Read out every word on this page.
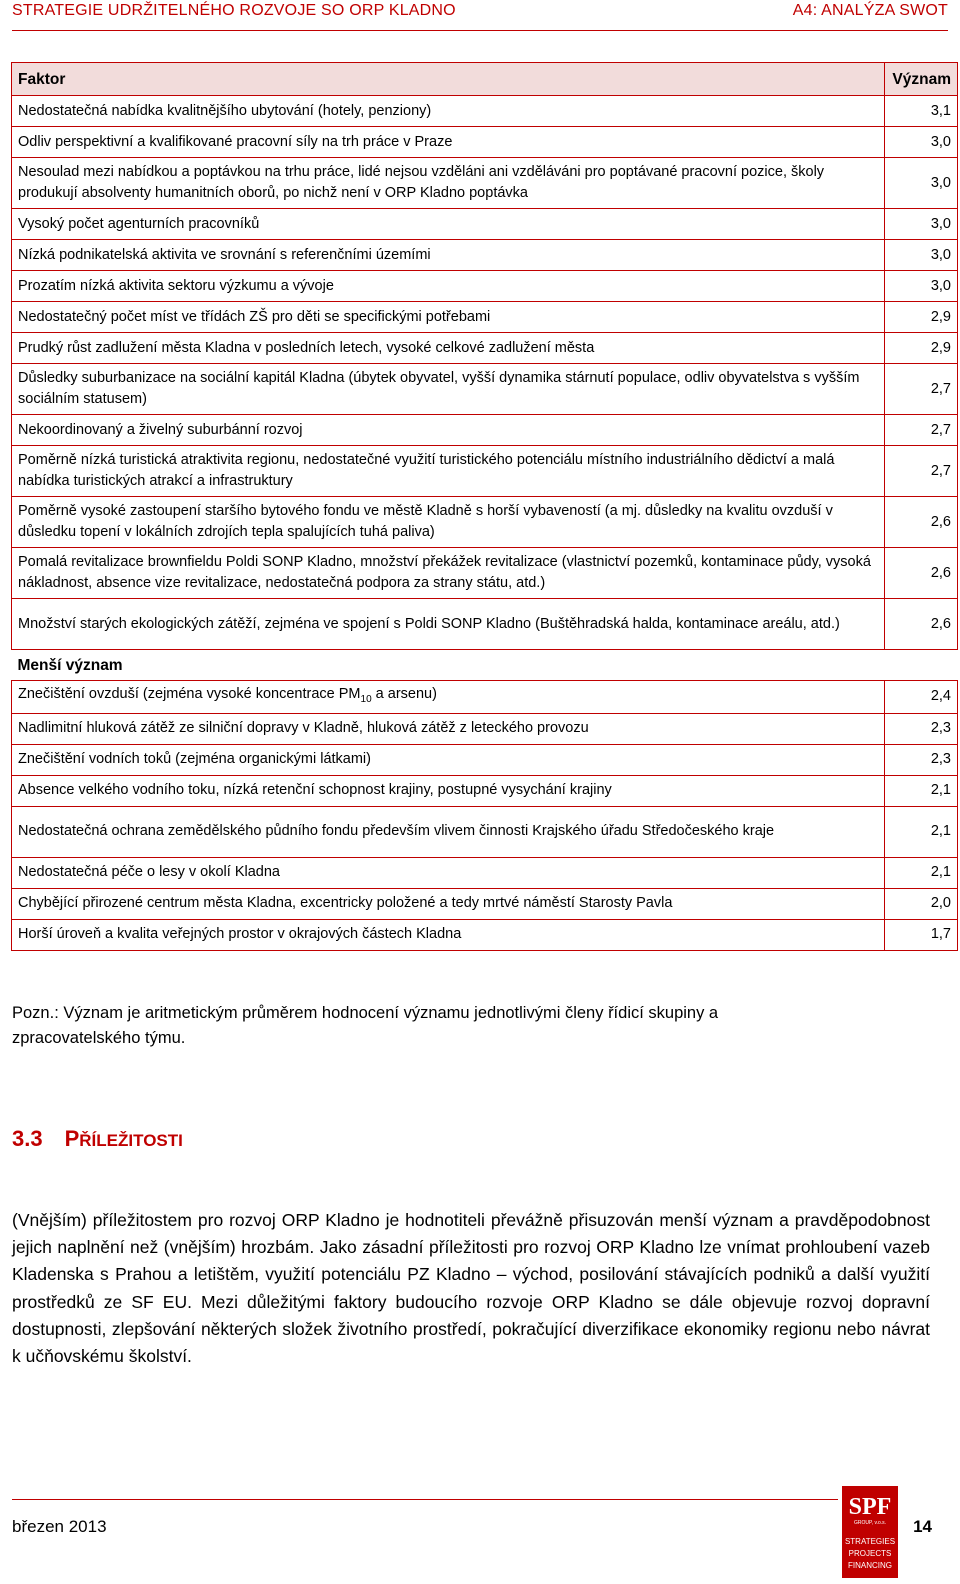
STRATEGIE UDRŽITELNÉHO ROZVOJE SO ORP KLADNO	A4: ANALÝZA SWOT
Faktor	Význam
Nedostatečná nabídka kvalitnějšího ubytování (hotely, penziony)	3,1
Odliv perspektivní a kvalifikované pracovní síly na trh práce v Praze	3,0
Nesoulad mezi nabídkou a poptávkou na trhu práce, lidé nejsou vzděláni ani vzděláváni pro poptávané pracovní pozice, školy produkují absolventy humanitních oborů, po nichž není v ORP Kladno poptávka	3,0
Vysoký počet agenturních pracovníků	3,0
Nízká podnikatelská aktivita ve srovnání s referenčními územími	3,0
Prozatím nízká aktivita sektoru výzkumu a vývoje	3,0
Nedostatečný počet míst ve třídách ZŠ pro děti se specifickými potřebami	2,9
Prudký růst zadlužení města Kladna v posledních letech, vysoké celkové zadlužení města	2,9
Důsledky suburbanizace na sociální kapitál Kladna (úbytek obyvatel, vyšší dynamika stárnutí populace, odliv obyvatelstva s vyšším sociálním statusem)	2,7
Nekoordinovaný a živelný suburbánní rozvoj	2,7
Poměrně nízká turistická atraktivita regionu, nedostatečné využití turistického potenciálu místního industriálního dědictví a malá nabídka turistických atrakcí a infrastruktury	2,7
Poměrně vysoké zastoupení staršího bytového fondu ve městě Kladně s horší vybaveností (a mj. důsledky na kvalitu ovzduší v důsledku topení v lokálních zdrojích tepla spalujících tuhá paliva)	2,6
Pomalá revitalizace brownfieldu Poldi SONP Kladno, množství překážek revitalizace (vlastnictví pozemků, kontaminace půdy, vysoká nákladnost, absence vize revitalizace, nedostatečná podpora za strany státu, atd.)	2,6
Množství starých ekologických zátěží, zejména ve spojení s Poldi SONP Kladno (Buštěhradská halda, kontaminace areálu, atd.)	2,6
Menší význam	
Znečištění ovzduší (zejména vysoké koncentrace $PM_{10}$ a arsenu)	2,4
Nadlimitní hluková zátěž ze silniční dopravy v Kladně, hluková zátěž z leteckého provozu	2,3
Znečištění vodních toků (zejména organickými látkami)	2,3
Absence velkého vodního toku, nízká retenční schopnost krajiny, postupné vysychání krajiny	2,1
Nedostatečná ochrana zemědělského půdního fondu především vlivem činnosti Krajského úřadu Středočeského kraje	2,1
Nedostatečná péče o lesy v okolí Kladna	2,1
Chybějící přirozené centrum města Kladna, excentricky položené a tedy mrtvé náměstí Starosty Pavla	2,0
Horší úroveň a kvalita veřejných prostor v okrajových částech Kladna	1,7
Pozn.: Význam je aritmetickým průměrem hodnocení významu jednotlivými členy řídicí skupiny a zpracovatelského týmu.
3.3 PŘÍLEŽITOSTI
(Vnějším) příležitostem pro rozvoj ORP Kladno je hodnotiteli převážně přisuzován menší význam a pravděpodobnost jejich naplnění než (vnějším) hrozbám. Jako zásadní příležitosti pro rozvoj ORP Kladno lze vnímat prohloubení vazeb Kladenska s Prahou a letištěm, využití potenciálu PZ Kladno – východ, posilování stávajících podniků a další využití prostředků ze SF EU. Mezi důležitými faktory budoucího rozvoje ORP Kladno se dále objevuje rozvoj dopravní dostupnosti, zlepšování některých složek životního prostředí, pokračující diverzifikace ekonomiky regionu nebo návrat k učňovskému školství.
březen 2013	14
SPF
GROUP, v.o.s.
STRATEGIES
PROJECTS
FINANCING
